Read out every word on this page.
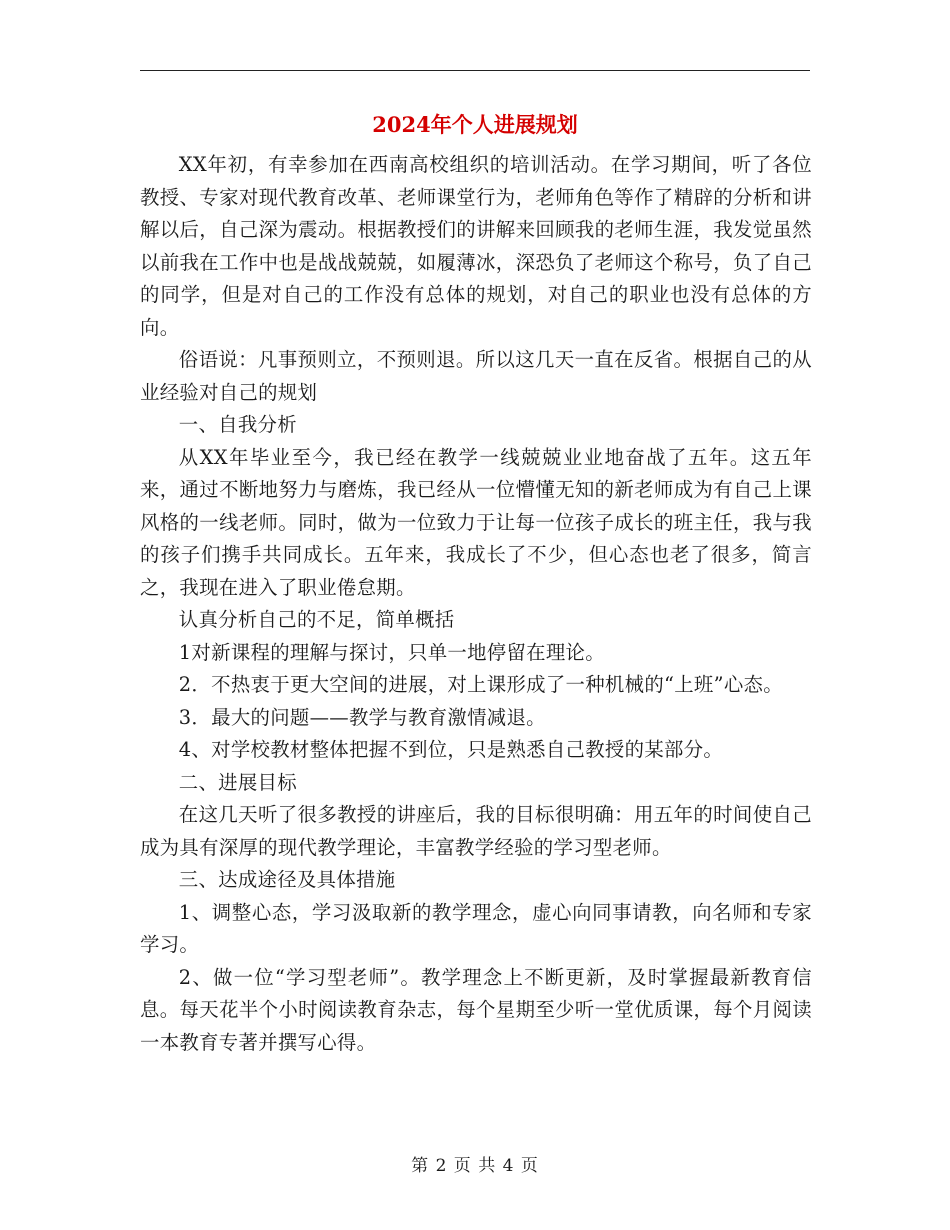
2024年个人进展规划

XX年初，有幸参加在西南高校组织的培训活动。在学习期间，听了各位教授、专家对现代教育改革、老师课堂行为，老师角色等作了精辟的分析和讲解以后，自己深为震动。根据教授们的讲解来回顾我的老师生涯，我发觉虽然以前我在工作中也是战战兢兢，如履薄冰，深恐负了老师这个称号，负了自己的同学，但是对自己的工作没有总体的规划，对自己的职业也没有总体的方向。

俗语说：凡事预则立，不预则退。所以这几天一直在反省。根据自己的从业经验对自己的规划

一、自我分析

从XX年毕业至今，我已经在教学一线兢兢业业地奋战了五年。这五年来，通过不断地努力与磨炼，我已经从一位懵懂无知的新老师成为有自己上课风格的一线老师。同时，做为一位致力于让每一位孩子成长的班主任，我与我的孩子们携手共同成长。五年来，我成长了不少，但心态也老了很多，简言之，我现在进入了职业倦怠期。

认真分析自己的不足，简单概括

1对新课程的理解与探讨，只单一地停留在理论。

2．不热衷于更大空间的进展，对上课形成了一种机械的“上班”心态。

3．最大的问题——教学与教育激情减退。

4、对学校教材整体把握不到位，只是熟悉自己教授的某部分。

二、进展目标

在这几天听了很多教授的讲座后，我的目标很明确：用五年的时间使自己成为具有深厚的现代教学理论，丰富教学经验的学习型老师。

三、达成途径及具体措施

1、调整心态，学习汲取新的教学理念，虚心向同事请教，向名师和专家学习。

2、做一位“学习型老师”。教学理念上不断更新，及时掌握最新教育信息。每天花半个小时阅读教育杂志，每个星期至少听一堂优质课，每个月阅读一本教育专著并撰写心得。

第 2 页 共 4 页
